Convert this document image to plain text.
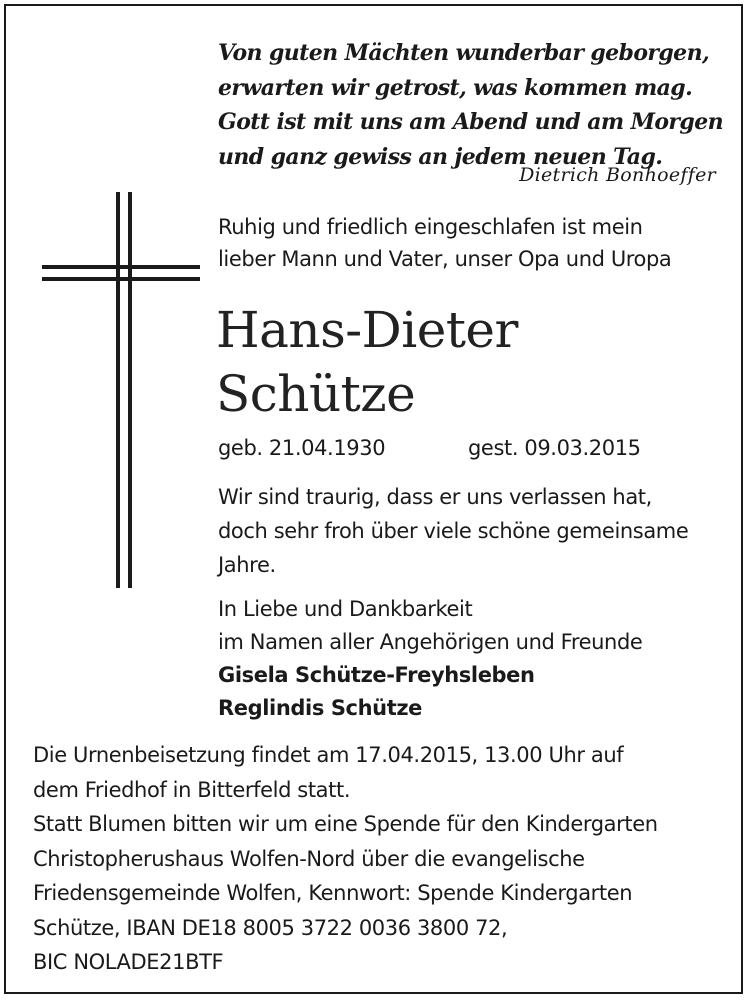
Von guten Mächten wunderbar geborgen,
erwarten wir getrost, was kommen mag.
Gott ist mit uns am Abend und am Morgen
und ganz gewiss an jedem neuen Tag.
Dietrich Bonhoeffer
Ruhig und friedlich eingeschlafen ist mein
lieber Mann und Vater, unser Opa und Uropa
Hans-Dieter
Schütze
geb. 21.04.1930	gest. 09.03.2015
Wir sind traurig, dass er uns verlassen hat,
doch sehr froh über viele schöne gemeinsame
Jahre.
In Liebe und Dankbarkeit
im Namen aller Angehörigen und Freunde
Gisela Schütze-Freyhsleben
Reglindis Schütze
Die Urnenbeisetzung findet am 17.04.2015, 13.00 Uhr auf
dem Friedhof in Bitterfeld statt.
Statt Blumen bitten wir um eine Spende für den Kindergarten
Christopherushaus Wolfen-Nord über die evangelische
Friedensgemeinde Wolfen, Kennwort: Spende Kindergarten
Schütze, IBAN DE18 8005 3722 0036 3800 72,
BIC NOLADE21BTF
